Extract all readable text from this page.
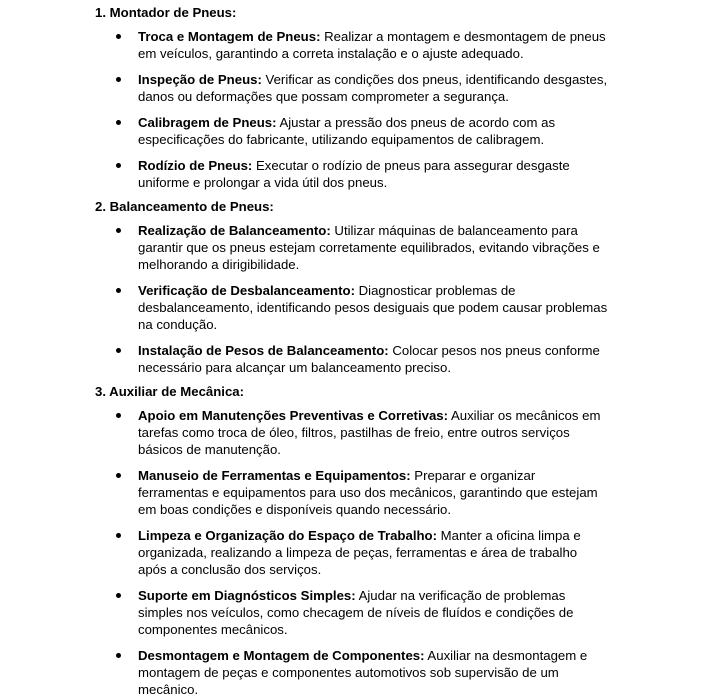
1. Montador de Pneus:
Troca e Montagem de Pneus: Realizar a montagem e desmontagem de pneus em veículos, garantindo a correta instalação e o ajuste adequado.
Inspeção de Pneus: Verificar as condições dos pneus, identificando desgastes, danos ou deformações que possam comprometer a segurança.
Calibragem de Pneus: Ajustar a pressão dos pneus de acordo com as especificações do fabricante, utilizando equipamentos de calibragem.
Rodízio de Pneus: Executar o rodízio de pneus para assegurar desgaste uniforme e prolongar a vida útil dos pneus.
2. Balanceamento de Pneus:
Realização de Balanceamento: Utilizar máquinas de balanceamento para garantir que os pneus estejam corretamente equilibrados, evitando vibrações e melhorando a dirigibilidade.
Verificação de Desbalanceamento: Diagnosticar problemas de desbalanceamento, identificando pesos desiguais que podem causar problemas na condução.
Instalação de Pesos de Balanceamento: Colocar pesos nos pneus conforme necessário para alcançar um balanceamento preciso.
3. Auxiliar de Mecânica:
Apoio em Manutenções Preventivas e Corretivas: Auxiliar os mecânicos em tarefas como troca de óleo, filtros, pastilhas de freio, entre outros serviços básicos de manutenção.
Manuseio de Ferramentas e Equipamentos: Preparar e organizar ferramentas e equipamentos para uso dos mecânicos, garantindo que estejam em boas condições e disponíveis quando necessário.
Limpeza e Organização do Espaço de Trabalho: Manter a oficina limpa e organizada, realizando a limpeza de peças, ferramentas e área de trabalho após a conclusão dos serviços.
Suporte em Diagnósticos Simples: Ajudar na verificação de problemas simples nos veículos, como checagem de níveis de fluídos e condições de componentes mecânicos.
Desmontagem e Montagem de Componentes: Auxiliar na desmontagem e montagem de peças e componentes automotivos sob supervisão de um mecânico.
